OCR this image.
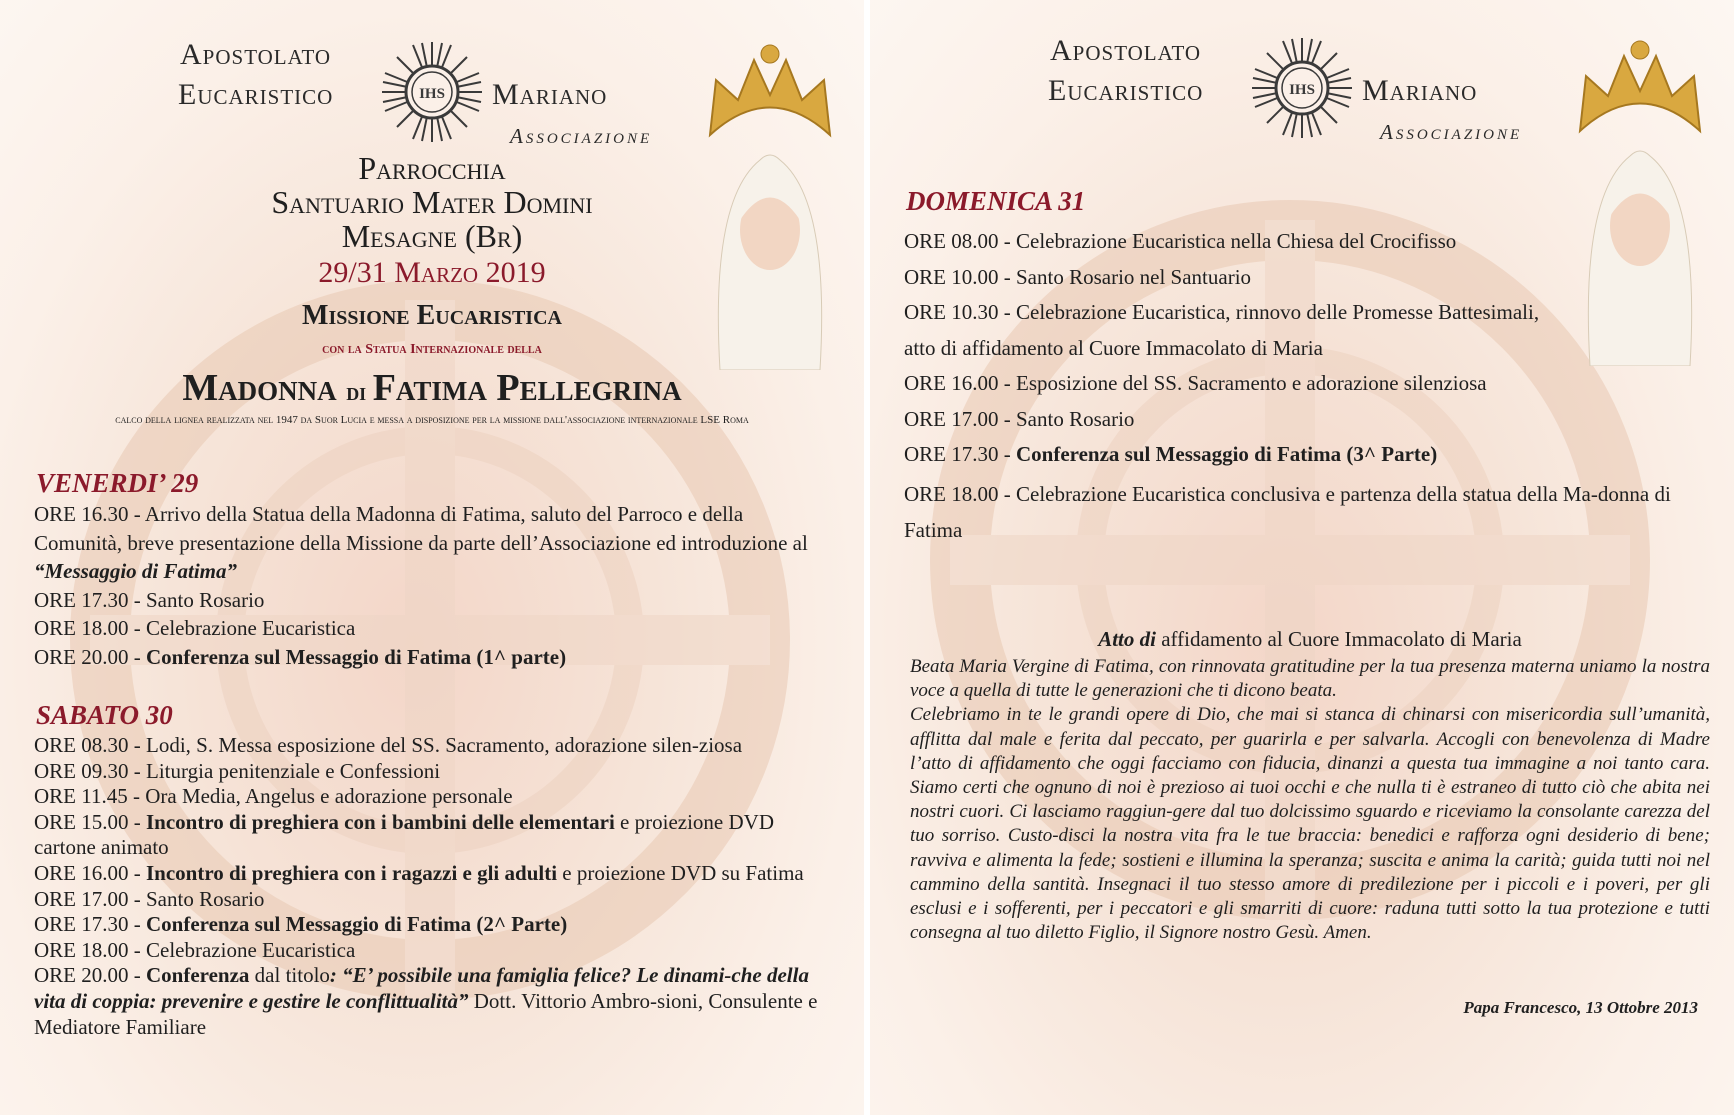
Apostolato
Eucaristico	Mariano
Associazione
IHS
Parrocchia
Santuario Mater Domini
Mesagne (Br)
29/31 Marzo 2019
Missione Eucaristica
con la Statua Internazionale della
Madonna di Fatima Pellegrina
calco della lignea realizzata nel 1947 da Suor Lucia e messa a disposizione per la missione dall'associazione internazionale LSE Roma
VENERDI’ 29

ORE 16.30 - Arrivo della Statua della Madonna di Fatima, saluto del Parroco e della Comunità, breve presentazione della Missione da parte dell’Associazione ed introduzione al “Messaggio di Fatima”

ORE 17.30 - Santo Rosario

ORE 18.00 - Celebrazione Eucaristica

ORE 20.00 - Conferenza sul Messaggio di Fatima (1^ parte)

SABATO 30

ORE 08.30 - Lodi, S. Messa esposizione del SS. Sacramento, adorazione silen-ziosa

ORE 09.30 - Liturgia penitenziale e Confessioni

ORE 11.45 - Ora Media, Angelus e adorazione personale

ORE 15.00 - Incontro di preghiera con i bambini delle elementari e proiezione DVD cartone animato

ORE 16.00 - Incontro di preghiera con i ragazzi e gli adulti e proiezione DVD su Fatima

ORE 17.00 - Santo Rosario

ORE 17.30 - Conferenza sul Messaggio di Fatima (2^ Parte)

ORE 18.00 - Celebrazione Eucaristica

ORE 20.00 - Conferenza dal titolo: “E’ possibile una famiglia felice? Le dinami-che della vita di coppia: prevenire e gestire le conflittualità” Dott. Vittorio Ambro-sioni, Consulente e Mediatore Familiare

Apostolato
Eucaristico	Mariano
Associazione
IHS
DOMENICA 31

ORE 08.00 - Celebrazione Eucaristica nella Chiesa del Crocifisso

ORE 10.00 - Santo Rosario nel Santuario

ORE 10.30 - Celebrazione Eucaristica, rinnovo delle Promesse Battesimali, atto di affidamento al Cuore Immacolato di Maria

ORE 16.00 - Esposizione del SS. Sacramento e adorazione silenziosa

ORE 17.00 - Santo Rosario

ORE 17.30 - Conferenza sul Messaggio di Fatima (3^ Parte)

ORE 18.00 - Celebrazione Eucaristica conclusiva e partenza della statua della Ma-donna di Fatima

Atto di affidamento al Cuore Immacolato di Maria
Beata Maria Vergine di Fatima, con rinnovata gratitudine per la tua presenza materna uniamo la nostra voce a quella di tutte le generazioni che ti dicono beata.
Celebriamo in te le grandi opere di Dio, che mai si stanca di chinarsi con misericordia sull’umanità, afflitta dal male e ferita dal peccato, per guarirla e per salvarla. Accogli con benevolenza di Madre l’atto di affidamento che oggi facciamo con fiducia, dinanzi a questa tua immagine a noi tanto cara. Siamo certi che ognuno di noi è prezioso ai tuoi occhi e che nulla ti è estraneo di tutto ciò che abita nei nostri cuori. Ci lasciamo raggiun-gere dal tuo dolcissimo sguardo e riceviamo la consolante carezza del tuo sorriso. Custo-disci la nostra vita fra le tue braccia: benedici e rafforza ogni desiderio di bene; ravviva e alimenta la fede; sostieni e illumina la speranza; suscita e anima la carità; guida tutti noi nel cammino della santità. Insegnaci il tuo stesso amore di predilezione per i piccoli e i poveri, per gli esclusi e i sofferenti, per i peccatori e gli smarriti di cuore: raduna tutti sotto la tua protezione e tutti consegna al tuo diletto Figlio, il Signore nostro Gesù. Amen.
Papa Francesco, 13 Ottobre 2013
